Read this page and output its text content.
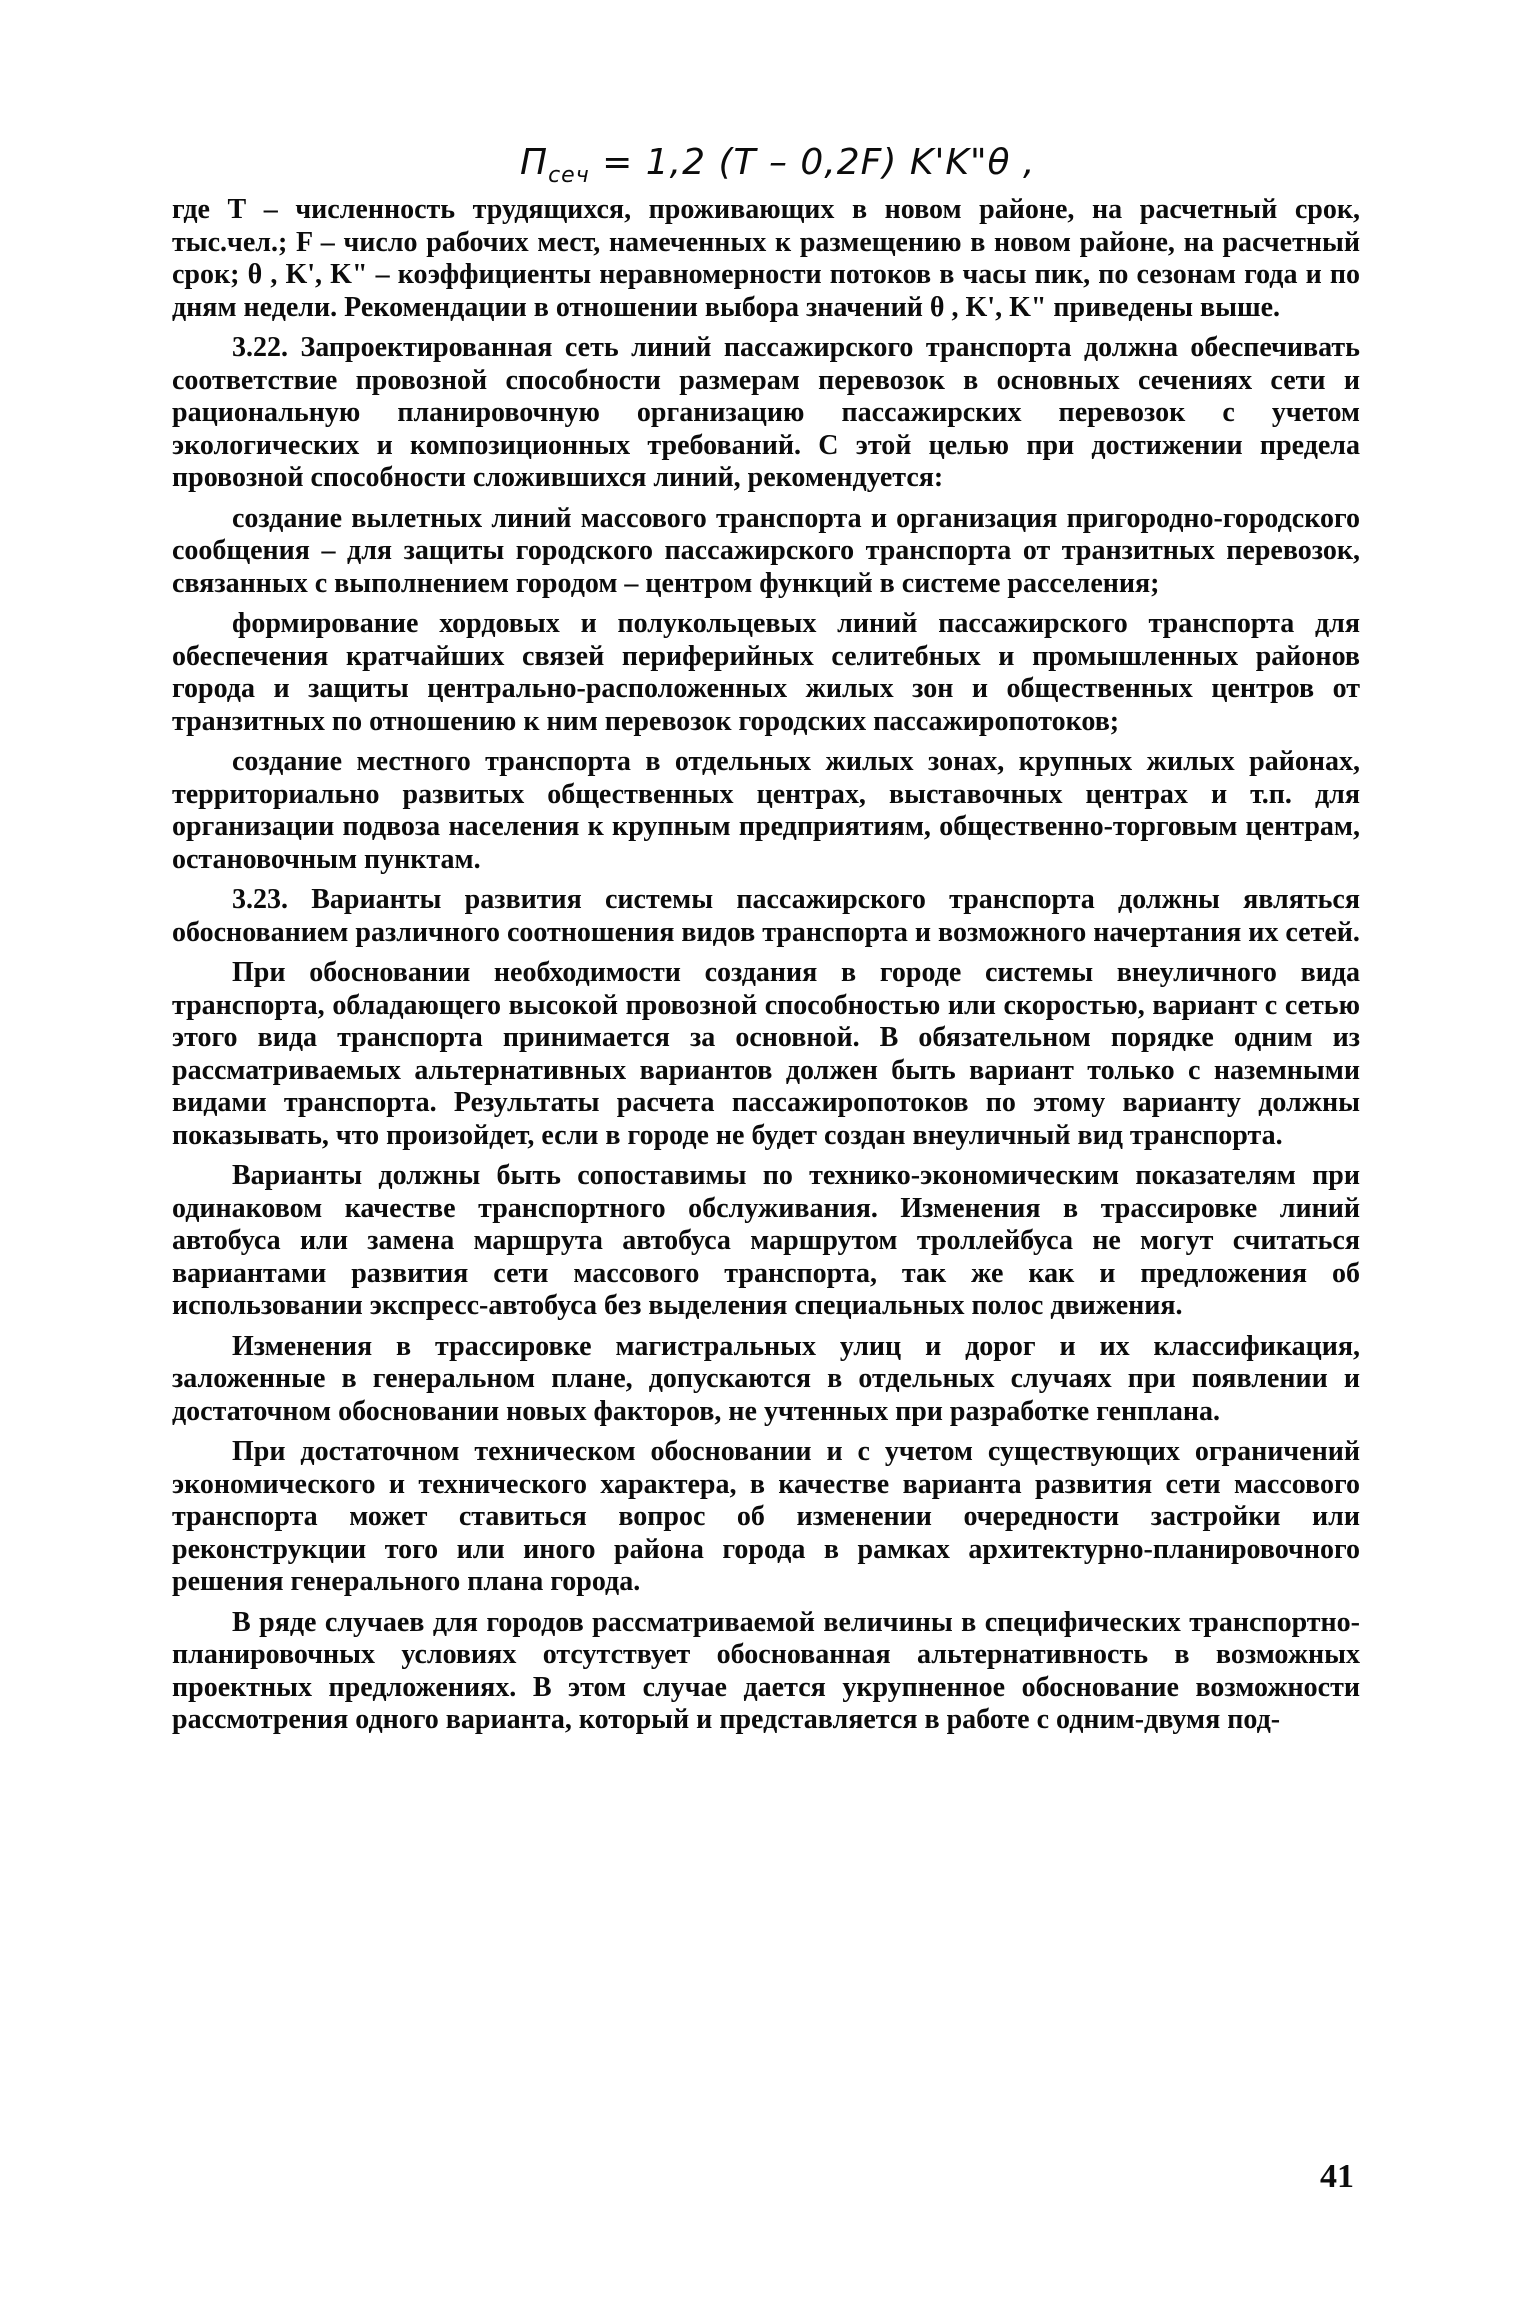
$П_{сеч} = 1,2$ (Т – 0,2F) K'K"θ ,

где Т – численность трудящихся, проживающих в новом районе, на расчетный срок, тыс.чел.; F – число рабочих мест, намеченных к размещению в новом районе, на расчетный срок; θ , K', K" – коэффициенты неравномерности потоков в часы пик, по сезонам года и по дням недели. Рекомендации в отношении выбора значений θ , K', K" приведены выше.

3.22. Запроектированная сеть линий пассажирского транспорта должна обеспечивать соответствие провозной способности размерам перевозок в основных сечениях сети и рациональную планировочную организацию пассажирских перевозок с учетом экологических и композиционных требований. С этой целью при достижении предела провозной способности сложившихся линий, рекомендуется:

создание вылетных линий массового транспорта и организация пригородно-городского сообщения – для защиты городского пассажирского транспорта от транзитных перевозок, связанных с выполнением городом – центром функций в системе расселения;

формирование хордовых и полукольцевых линий пассажирского транспорта для обеспечения кратчайших связей периферийных селитебных и промышленных районов города и защиты центрально-расположенных жилых зон и общественных центров от транзитных по отношению к ним перевозок городских пассажиропотоков;

создание местного транспорта в отдельных жилых зонах, крупных жилых районах, территориально развитых общественных центрах, выставочных центрах и т.п. для организации подвоза населения к крупным предприятиям, общественно-торговым центрам, остановочным пунктам.

3.23. Варианты развития системы пассажирского транспорта должны являться обоснованием различного соотношения видов транспорта и возможного начертания их сетей.

При обосновании необходимости создания в городе системы внеуличного вида транспорта, обладающего высокой провозной способностью или скоростью, вариант с сетью этого вида транспорта принимается за основной. В обязательном порядке одним из рассматриваемых альтернативных вариантов должен быть вариант только с наземными видами транспорта. Результаты расчета пассажиропотоков по этому варианту должны показывать, что произойдет, если в городе не будет создан внеуличный вид транспорта.

Варианты должны быть сопоставимы по технико-экономическим показателям при одинаковом качестве транспортного обслуживания. Изменения в трассировке линий автобуса или замена маршрута автобуса маршрутом троллейбуса не могут считаться вариантами развития сети массового транспорта, так же как и предложения об использовании экспресс-автобуса без выделения специальных полос движения.

Изменения в трассировке магистральных улиц и дорог и их классификация, заложенные в генеральном плане, допускаются в отдельных случаях при появлении и достаточном обосновании новых факторов, не учтенных при разработке генплана.

При достаточном техническом обосновании и с учетом существующих ограничений экономического и технического характера, в качестве варианта развития сети массового транспорта может ставиться вопрос об изменении очередности застройки или реконструкции того или иного района города в рамках архитектурно-планировочного решения генерального плана города.

В ряде случаев для городов рассматриваемой величины в специфических транспортно-планировочных условиях отсутствует обоснованная альтернативность в возможных проектных предложениях. В этом случае дается укрупненное обоснование возможности рассмотрения одного варианта, который и представляется в работе с одним-двумя под-

41
